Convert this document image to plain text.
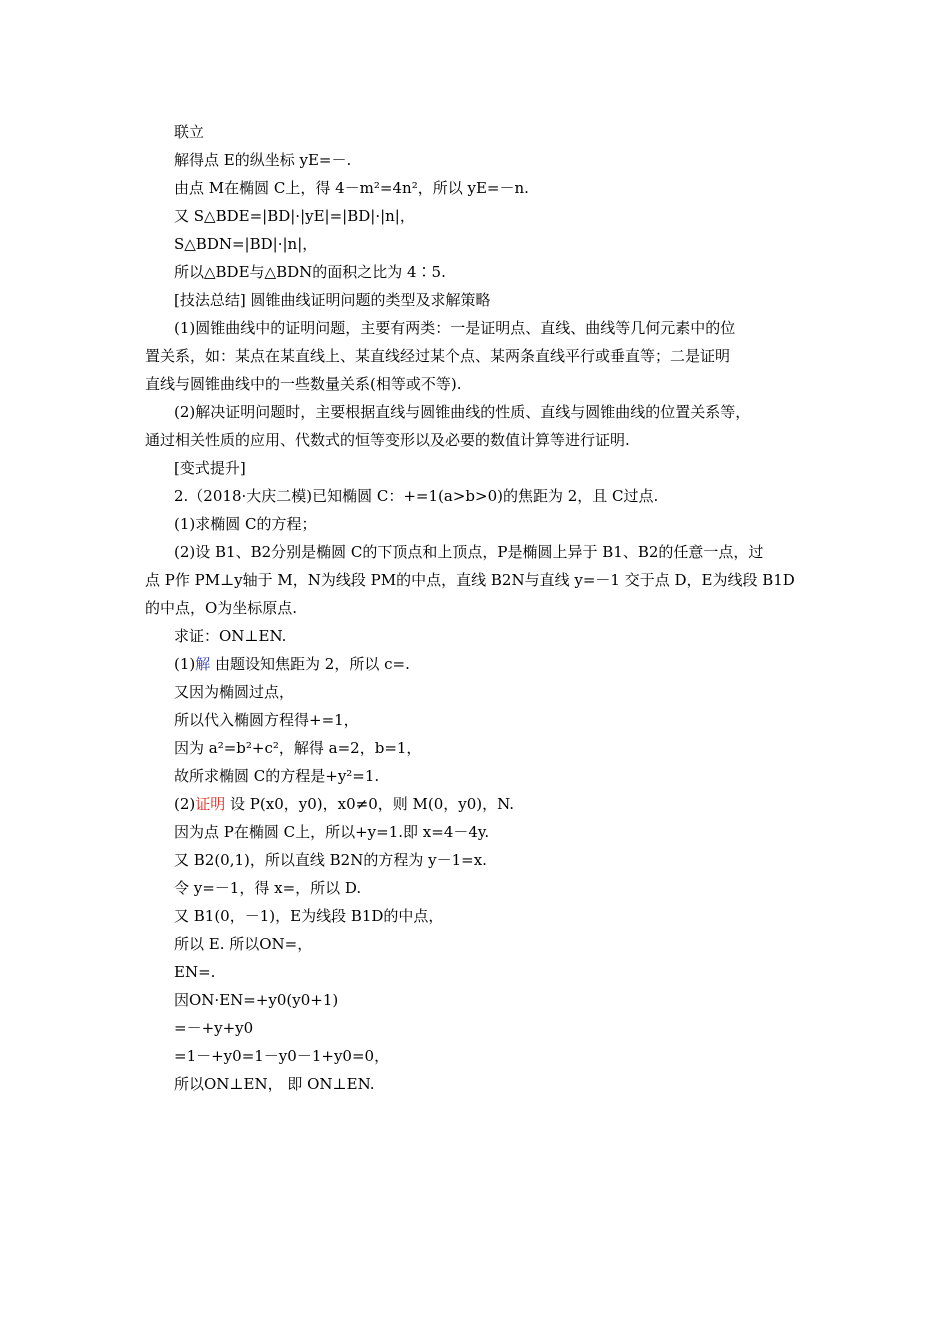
联立
解得点 E的纵坐标 yE=－.
由点 M在椭圆 C上，得 4－m²=4n²，所以 yE=－n.
又 S△BDE=|BD|·|yE|=|BD|·|n|，
S△BDN=|BD|·|n|，
所以△BDE与△BDN的面积之比为 4∶5.
[技法总结] 圆锥曲线证明问题的类型及求解策略
(1)圆锥曲线中的证明问题，主要有两类：一是证明点、直线、曲线等几何元素中的位
置关系，如：某点在某直线上、某直线经过某个点、某两条直线平行或垂直等；二是证明
直线与圆锥曲线中的一些数量关系(相等或不等).
(2)解决证明问题时，主要根据直线与圆锥曲线的性质、直线与圆锥曲线的位置关系等，
通过相关性质的应用、代数式的恒等变形以及必要的数值计算等进行证明.
[变式提升]
2.（2018·大庆二模)已知椭圆 C：+=1(a>b>0)的焦距为 2，且 C过点.
(1)求椭圆 C的方程；
(2)设 B1、B2分别是椭圆 C的下顶点和上顶点，P是椭圆上异于 B1、B2的任意一点，过
点 P作 PM⊥y轴于 M，N为线段 PM的中点，直线 B2N与直线 y=－1 交于点 D，E为线段 B1D
的中点，O为坐标原点.
求证：ON⊥EN.
(1)解 由题设知焦距为 2，所以 c=.
又因为椭圆过点，
所以代入椭圆方程得+=1，
因为 a²=b²+c²，解得 a=2，b=1，
故所求椭圆 C的方程是+y²=1.
(2)证明 设 P(x0，y0)，x0≠0，则 M(0，y0)，N.
因为点 P在椭圆 C上，所以+y=1.即 x=4－4y.
又 B2(0,1)，所以直线 B2N的方程为 y－1=x.
令 y=－1，得 x=，所以 D.
又 B1(0，－1)，E为线段 B1D的中点，
所以 E. 所以ON=，
EN=.
因ON·EN=+y0(y0+1)
=－+y+y0
=1－+y0=1－y0－1+y0=0，
所以ON⊥EN， 即 ON⊥EN.
